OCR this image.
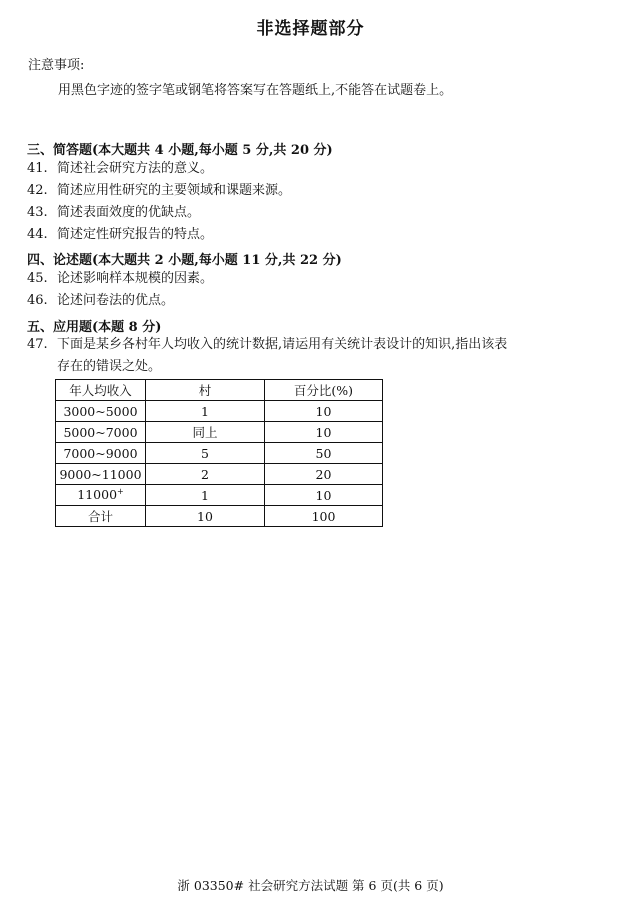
非选择题部分
注意事项:
用黑色字迹的签字笔或钢笔将答案写在答题纸上,不能答在试题卷上。
三、简答题(本大题共 4 小题,每小题 5 分,共 20 分)
41. 简述社会研究方法的意义。
42. 简述应用性研究的主要领域和课题来源。
43. 简述表面效度的优缺点。
44. 简述定性研究报告的特点。
四、论述题(本大题共 2 小题,每小题 11 分,共 22 分)
45. 论述影响样本规模的因素。
46. 论述问卷法的优点。
五、应用题(本题 8 分)
47. 下面是某乡各村年人均收入的统计数据,请运用有关统计表设计的知识,指出该表
存在的错误之处。
年人均收入	村	百分比(%)
3000~5000	1	10
5000~7000	同上	10
7000~9000	5	50
9000~11000	2	20
11000+	1	10
合计	10	100
浙 03350# 社会研究方法试题 第 6 页(共 6 页)
